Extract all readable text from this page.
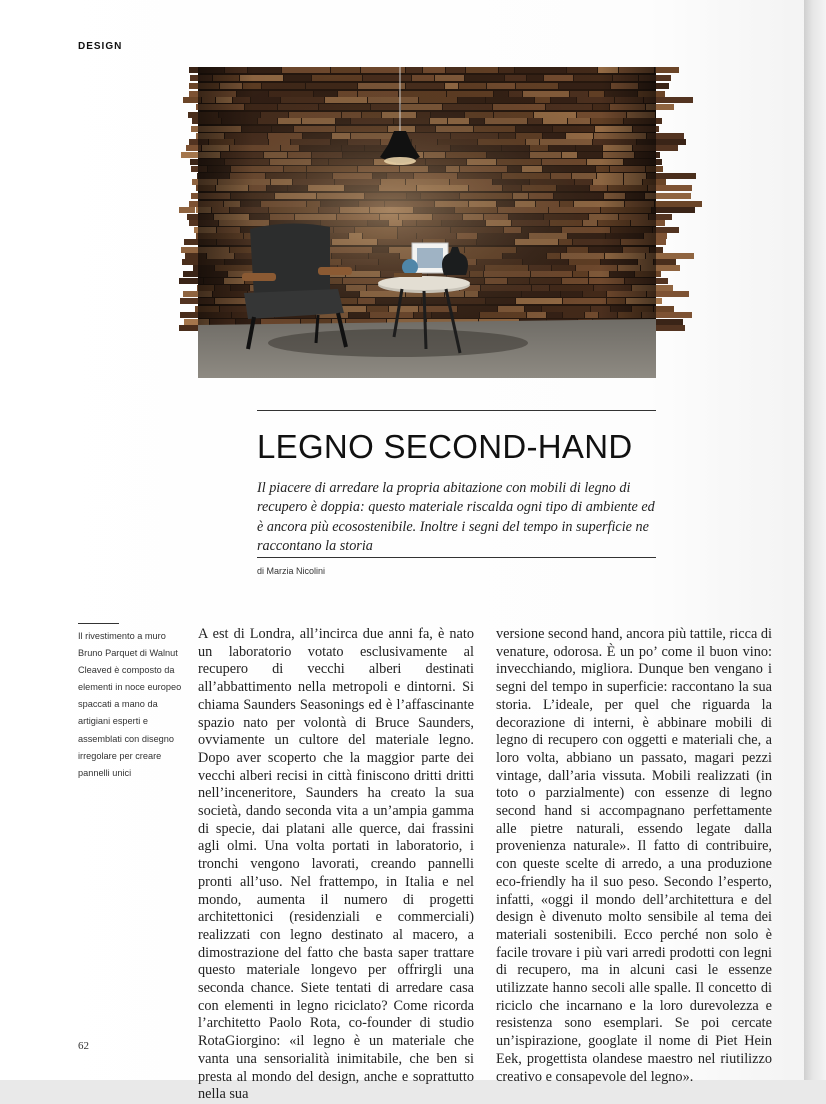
DESIGN
LEGNO SECOND-HAND

Il piacere di arredare la propria abitazione con mobili di legno di recupero è doppia: questo materiale riscalda ogni tipo di ambiente ed è ancora più ecosostenibile. Inoltre i segni del tempo in superficie ne raccontano la storia

di Marzia Nicolini
Il rivestimento a muro Bruno Parquet di Walnut Cleaved è composto da elementi in noce europeo spaccati a mano da artigiani esperti e assemblati con disegno irregolare per creare pannelli unici

A est di Londra, all’incirca due anni fa, è nato un laboratorio votato esclusivamente al recupero di vecchi alberi destinati all’abbattimento nella metropoli e dintorni. Si chiama Saunders Seasonings ed è l’affascinante spazio nato per volontà di Bruce Saunders, ovviamente un cultore del materiale legno. Dopo aver scoperto che la maggior parte dei vecchi alberi recisi in città finiscono dritti dritti nell’inceneritore, Saunders ha creato la sua società, dando seconda vita a un’ampia gamma di specie, dai platani alle querce, dai frassini agli olmi. Una volta portati in laboratorio, i tronchi vengono lavorati, creando pannelli pronti all’uso. Nel frattempo, in Italia e nel mondo, aumenta il numero di progetti architettonici (residenziali e commerciali) realizzati con legno destinato al macero, a dimostrazione del fatto che basta saper trattare questo materiale longevo per offrirgli una seconda chance. Siete tentati di arredare casa con elementi in legno riciclato? Come ricorda l’architetto Paolo Rota, co-founder di studio RotaGiorgino: «il legno è un materiale che vanta una sensorialità inimitabile, che ben si presta al mondo del design, anche e soprattutto nella sua

versione second hand, ancora più tattile, ricca di venature, odorosa. È un po’ come il buon vino: invecchiando, migliora. Dunque ben vengano i segni del tempo in superficie: raccontano la sua storia. L’ideale, per quel che riguarda la decorazione di interni, è abbinare mobili di legno di recupero con oggetti e materiali che, a loro volta, abbiano un passato, magari pezzi vintage, dall’aria vissuta. Mobili realizzati (in toto o parzialmente) con essenze di legno second hand si accompagnano perfettamente alle pietre naturali, essendo legate dalla provenienza naturale». Il fatto di contribuire, con queste scelte di arredo, a una produzione eco-friendly ha il suo peso. Secondo l’esperto, infatti, «oggi il mondo dell’architettura e del design è divenuto molto sensibile al tema dei materiali sostenibili. Ecco perché non solo è facile trovare i più vari arredi prodotti con legni di recupero, ma in alcuni casi le essenze utilizzate hanno secoli alle spalle. Il concetto di riciclo che incarnano e la loro durevolezza e resistenza sono esemplari. Se poi cercate un’ispirazione, googlate il nome di Piet Hein Eek, progettista olandese maestro nel riutilizzo creativo e consapevole del legno».

62
